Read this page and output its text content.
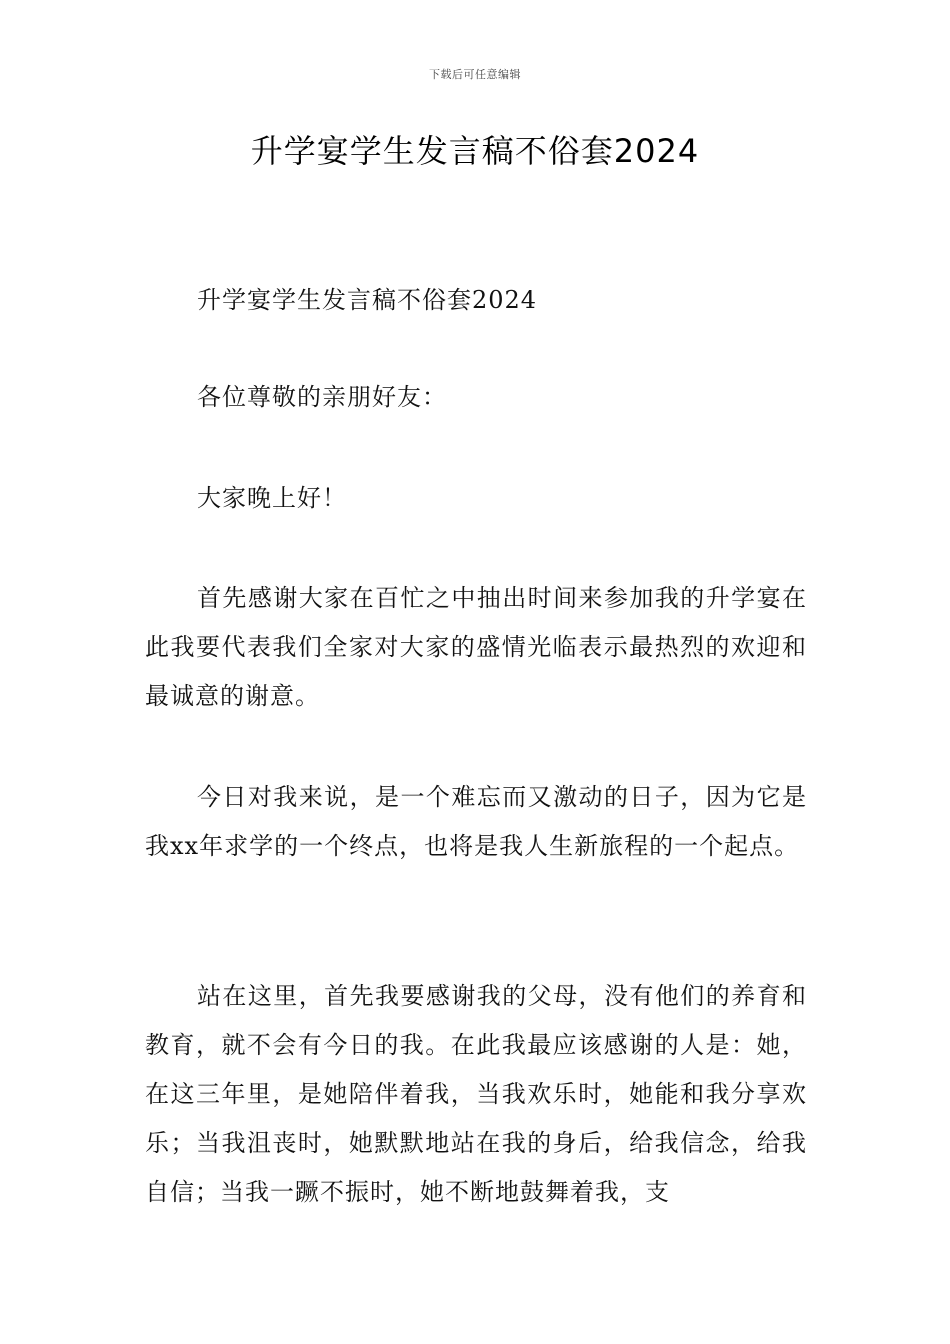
下载后可任意编辑
升学宴学生发言稿不俗套2024

升学宴学生发言稿不俗套2024

各位尊敬的亲朋好友：

大家晚上好！

首先感谢大家在百忙之中抽出时间来参加我的升学宴在此我要代表我们全家对大家的盛情光临表示最热烈的欢迎和最诚意的谢意。

今日对我来说，是一个难忘而又激动的日子，因为它是我xx年求学的一个终点，也将是我人生新旅程的一个起点。

站在这里，首先我要感谢我的父母，没有他们的养育和教育，就不会有今日的我。在此我最应该感谢的人是：她，在这三年里，是她陪伴着我，当我欢乐时，她能和我分享欢乐；当我沮丧时，她默默地站在我的身后，给我信念，给我自信；当我一蹶不振时，她不断地鼓舞着我，支
